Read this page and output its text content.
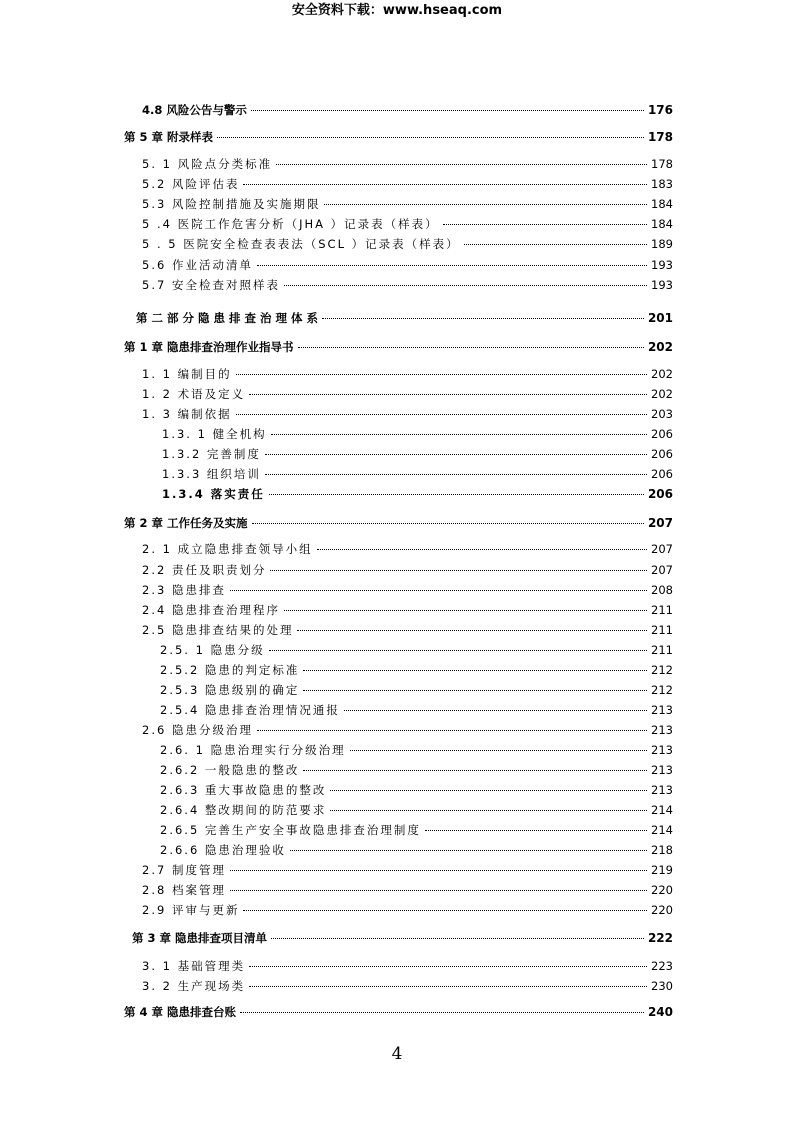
安全资料下载：www.hseaq.com
4.8 风险公告与警示	176
第 5 章 附录样表	178
5. 1 风险点分类标准	178
5.2 风险评估表	183
5.3 风险控制措施及实施期限	184
5 .4 医院工作危害分析（JHA ）记录表（样表）	184
5 . 5 医院安全检查表表法（SCL ）记录表（样表）	189
5.6 作业活动清单	193
5.7 安全检查对照样表	193
第 二 部 分 隐 患 排 查 治 理 体 系	201
第 1 章 隐患排查治理作业指导书	202
1. 1 编制目的	202
1. 2 术语及定义	202
1. 3 编制依据	203
1.3. 1 健全机构	206
1.3.2 完善制度	206
1.3.3 组织培训	206
1.3.4 落实责任	206
第 2 章 工作任务及实施	207
2. 1 成立隐患排查领导小组	207
2.2 责任及职责划分	207
2.3 隐患排查	208
2.4 隐患排查治理程序	211
2.5 隐患排查结果的处理	211
2.5. 1 隐患分级	211
2.5.2 隐患的判定标准	212
2.5.3 隐患级别的确定	212
2.5.4 隐患排查治理情况通报	213
2.6 隐患分级治理	213
2.6. 1 隐患治理实行分级治理	213
2.6.2 一般隐患的整改	213
2.6.3 重大事故隐患的整改	213
2.6.4 整改期间的防范要求	214
2.6.5 完善生产安全事故隐患排查治理制度	214
2.6.6 隐患治理验收	218
2.7 制度管理	219
2.8 档案管理	220
2.9 评审与更新	220
第 3 章 隐患排查项目清单	222
3. 1 基础管理类	223
3. 2 生产现场类	230
第 4 章 隐患排查台账	240
4
